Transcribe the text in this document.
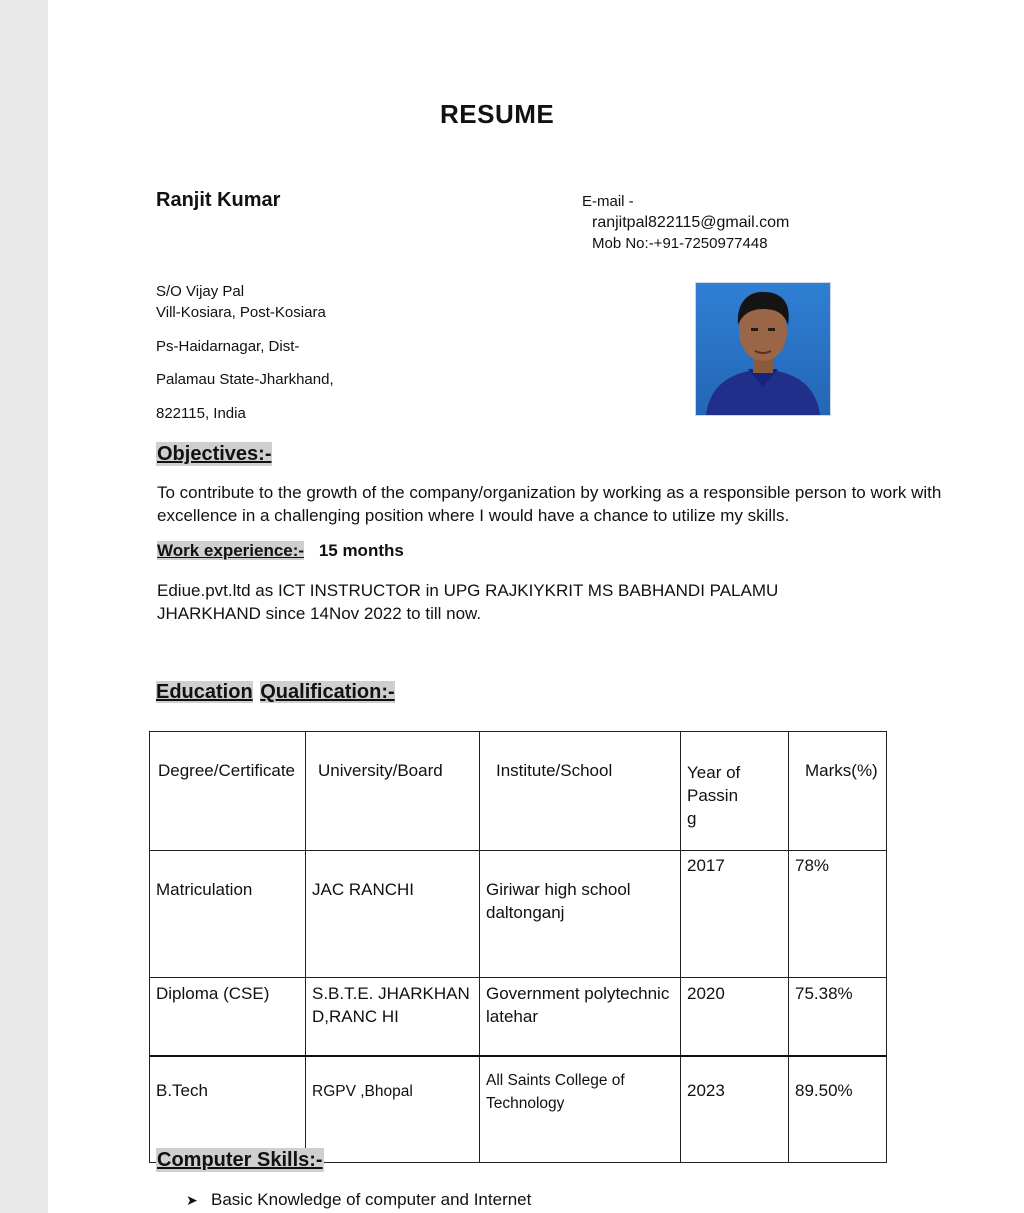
RESUME
Ranjit Kumar	E-mail -
ranjitpal822115@gmail.com
Mob No:-+91-7250977448
S/O Vijay Pal
Vill-Kosiara, Post-Kosiara
Ps-Haidarnagar, Dist-
Palamau State-Jharkhand,
822115, India
Objectives:-
To contribute to the growth of the company/organization by working as a responsible person to work with excellence in a challenging position where I would have a chance to utilize my skills.
Work experience:- 15 months
Ediue.pvt.ltd as ICT INSTRUCTOR in UPG RAJKIYKRIT MS BABHANDI PALAMU JHARKHAND since 14Nov 2022 to till now.
Education Qualification:-
Degree/Certificate	University/Board	Institute/School	Year of Passin g	Marks(%)
Matriculation	JAC RANCHI	Giriwar high school daltonganj	2017	78%
Diploma (CSE)	S.B.T.E. JHARKHAND,RANC HI	Government polytechnic latehar	2020	75.38%
B.Tech	RGPV ,Bhopal	All Saints College of Technology	2023	89.50%
Computer Skills:-
➤ Basic Knowledge of computer and Internet
